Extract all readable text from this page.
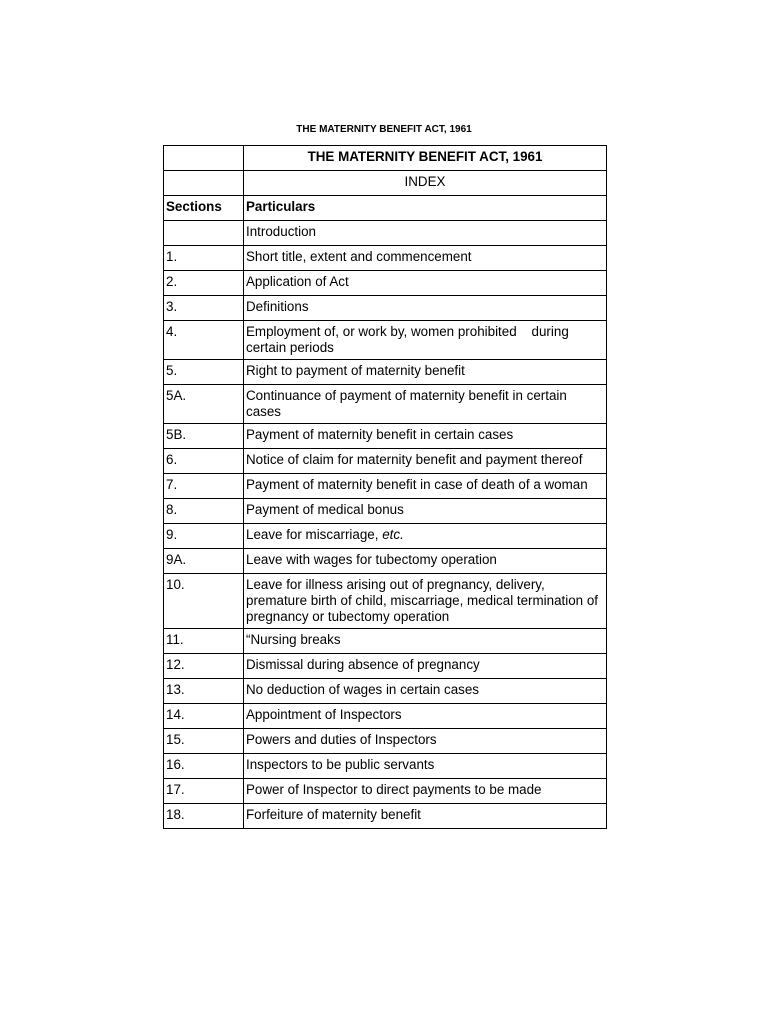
THE MATERNITY BENEFIT ACT, 1961
	THE MATERNITY BENEFIT ACT, 1961
	INDEX
Sections	Particulars
	Introduction
1.	Short title, extent and commencement
2.	Application of Act
3.	Definitions
4.	Employment of, or work by, women prohibited    during certain periods
5.	Right to payment of maternity benefit
5A.	Continuance of payment of maternity benefit in certain cases
5B.	Payment of maternity benefit in certain cases
6.	Notice of claim for maternity benefit and payment thereof
7.	Payment of maternity benefit in case of death of a woman
8.	Payment of medical bonus
9.	Leave for miscarriage, etc.
9A.	Leave with wages for tubectomy operation
10.	Leave for illness arising out of pregnancy, delivery, premature birth of child, miscarriage, medical termination of pregnancy or tubectomy operation
11.	“Nursing breaks
12.	Dismissal during absence of pregnancy
13.	No deduction of wages in certain cases
14.	Appointment of Inspectors
15.	Powers and duties of Inspectors
16.	Inspectors to be public servants
17.	Power of Inspector to direct payments to be made
18.	Forfeiture of maternity benefit
